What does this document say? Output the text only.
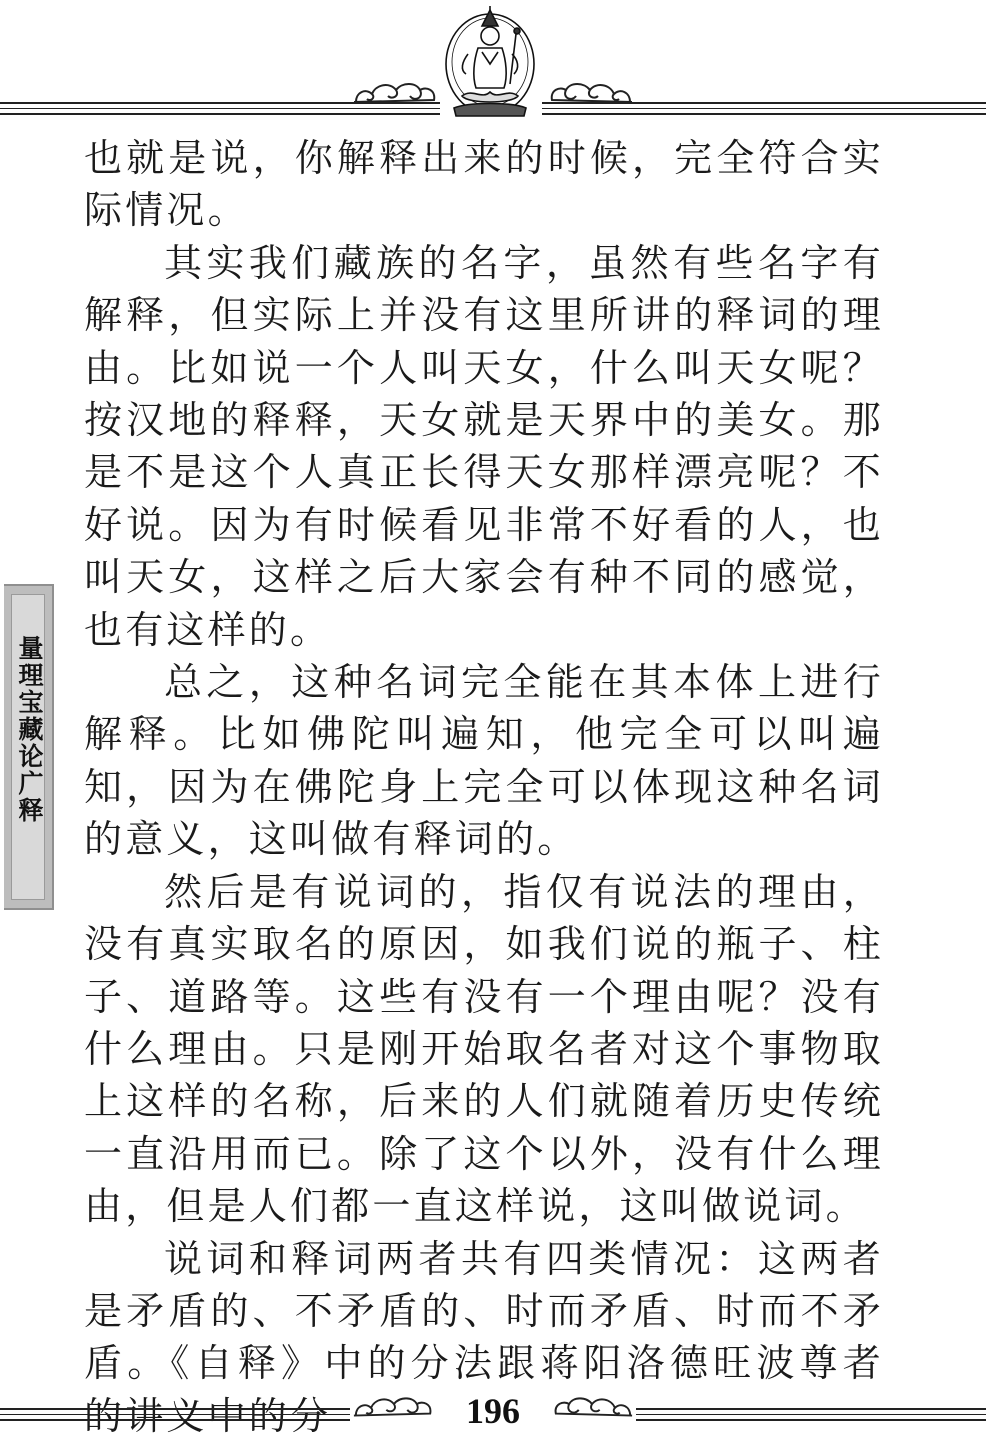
量理宝藏论广释

也就是说，你解释出来的时候，完全符合实际情况。

其实我们藏族的名字，虽然有些名字有解释，但实际上并没有这里所讲的释词的理由。比如说一个人叫天女，什么叫天女呢？按汉地的释释，天女就是天界中的美女。那是不是这个人真正长得天女那样漂亮呢？不好说。因为有时候看见非常不好看的人，也叫天女，这样之后大家会有种不同的感觉，也有这样的。

总之，这种名词完全能在其本体上进行解释。比如佛陀叫遍知，他完全可以叫遍知，因为在佛陀身上完全可以体现这种名词的意义，这叫做有释词的。

然后是有说词的，指仅有说法的理由，没有真实取名的原因，如我们说的瓶子、柱子、道路等。这些有没有一个理由呢？没有什么理由。只是刚开始取名者对这个事物取上这样的名称，后来的人们就随着历史传统一直沿用而已。除了这个以外，没有什么理由，但是人们都一直这样说，这叫做说词。

说词和释词两者共有四类情况：这两者是矛盾的、不矛盾的、时而矛盾、时而不矛盾。《自释》中的分法跟蒋阳洛德旺波尊者的讲义中的分	196
